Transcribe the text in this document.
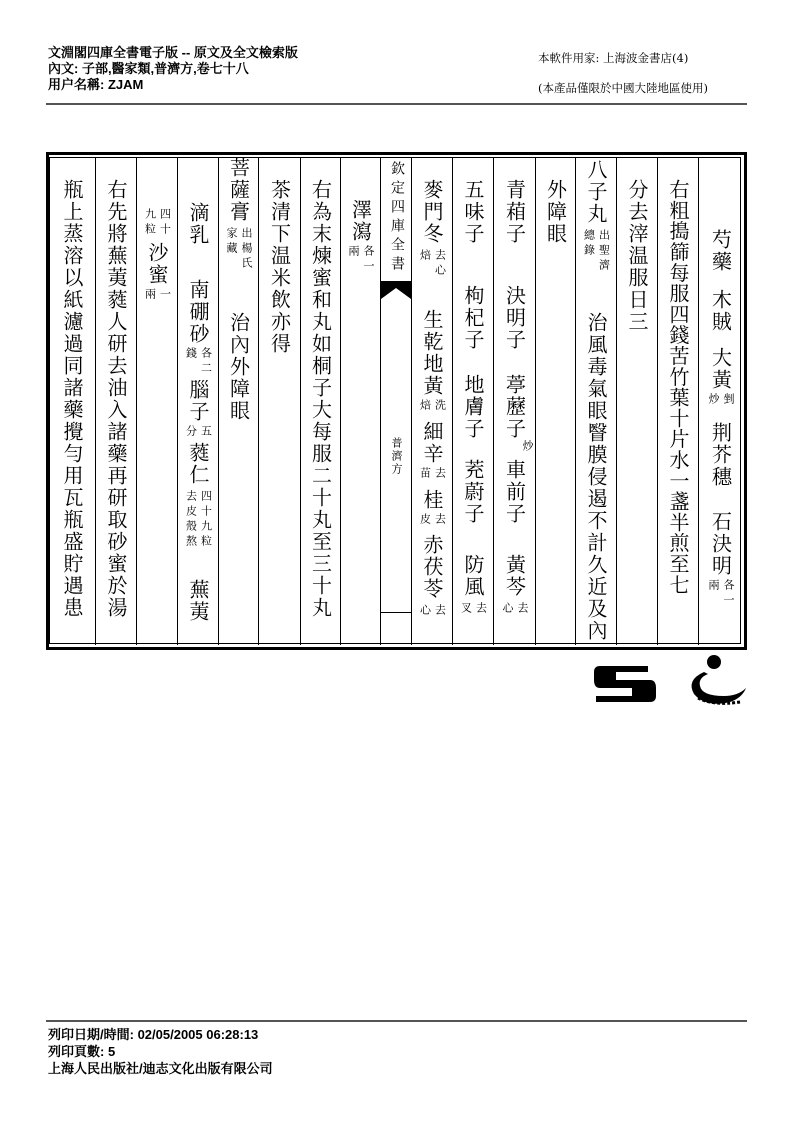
文淵閣四庫全書電子版 -- 原文及全文檢索版
內文: 子部,醫家類,普濟方,卷七十八
用户名稱: ZJAM
本軟件用家: 上海波金書店(4)
(本產品僅限於中國大陸地區使用)
芍藥
木賊
大黃
剉
炒
荆芥穗
石決明
各一
兩
右粗搗篩每服四錢苦竹葉十片水一盞半煎至七
分去滓温服日三
八子丸
出聖濟
總錄
治風毒氣眼瞖膜侵遏不計久近及內
外障眼
青葙子
決明子
葶藶子
炒
車前子
黃芩
去
心
五味子
枸杞子
地膚子
茺蔚子
防風
去
叉
麥門冬
去心
焙
生乾地黃
洗
焙
細辛
去
苗
桂
去
皮
赤茯苓
去
心
欽定四庫全書
普濟方
澤瀉
各一
兩
右為末煉蜜和丸如桐子大每服二十丸至三十丸
茶清下温米飲亦得
菩薩膏
出楊氏
家藏
治內外障眼
滴乳
南硼砂
各二
錢
腦子
五
分
蕤仁
四十九粒
去皮殼熬
蕪荑
四十
九粒
沙蜜
一
兩
右先將蕪荑蕤人研去油入諸藥再研取砂蜜於湯
瓶上蒸溶以紙濾過同諸藥攪勻用瓦瓶盛貯遇患
列印日期/時間: 02/05/2005 06:28:13
列印頁數: 5
上海人民出版社/迪志文化出版有限公司
